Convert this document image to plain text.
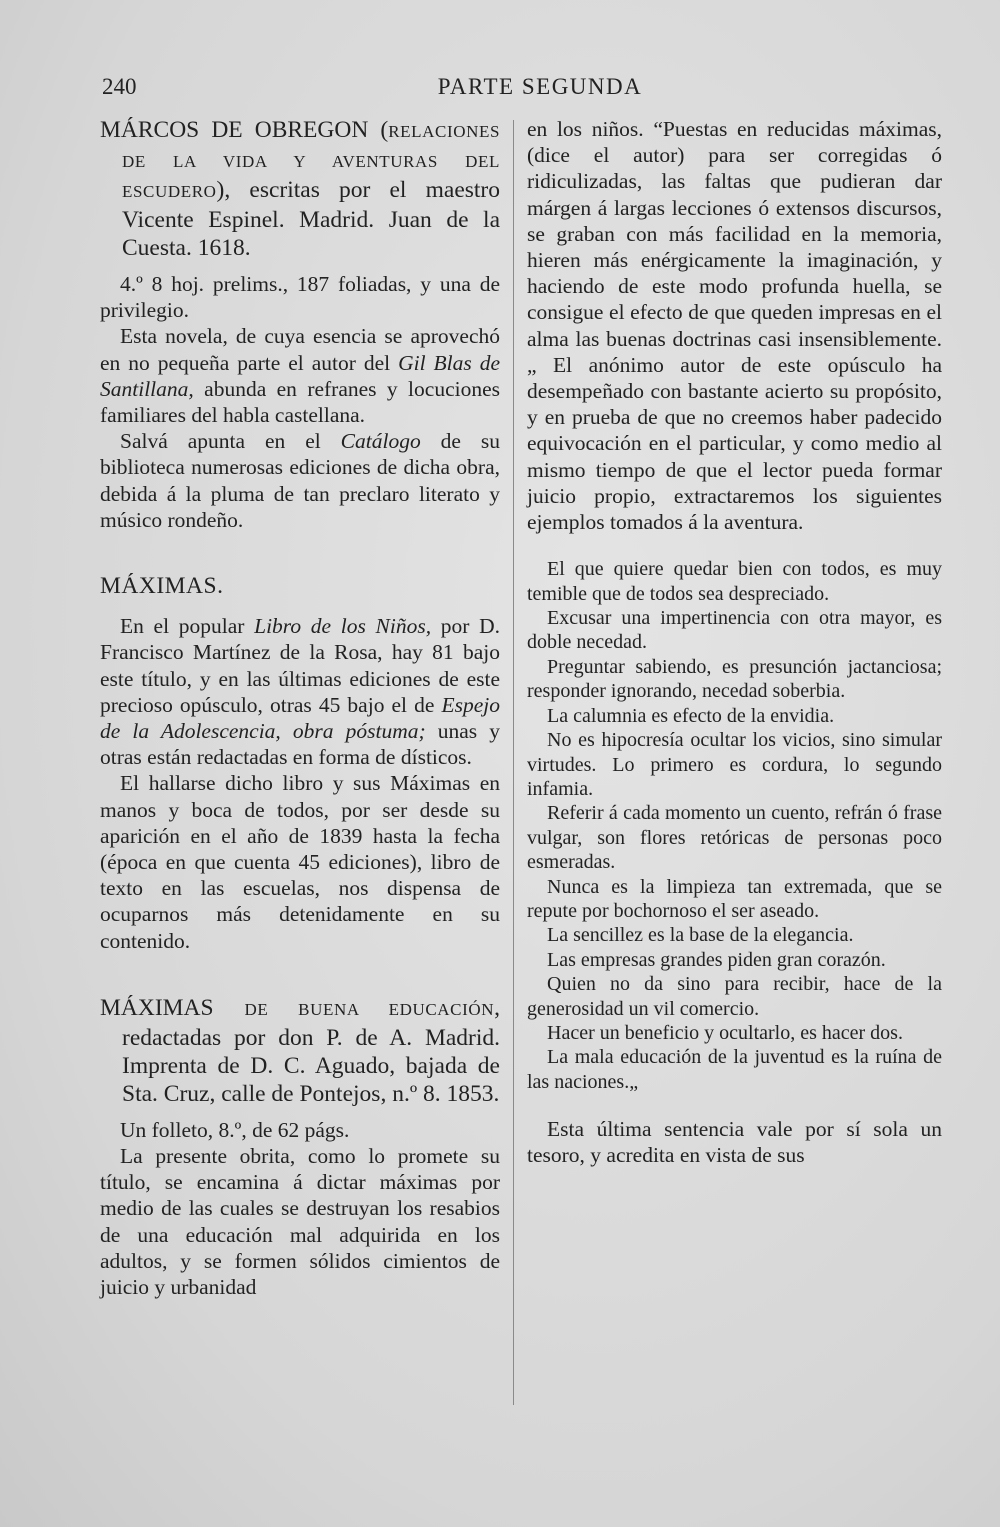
240	PARTE SEGUNDA

MÁRCOS DE OBREGON (RELACIONES DE LA VIDA Y AVENTURAS DEL ESCUDERO), escritas por el maestro Vicente Espinel. Madrid. Juan de la Cuesta. 1618.

4.º 8 hoj. prelims., 187 foliadas, y una de privilegio.

Esta novela, de cuya esencia se aprovechó en no pequeña parte el autor del Gil Blas de Santillana, abunda en refranes y locuciones familiares del habla castellana.

Salvá apunta en el Catálogo de su biblioteca numerosas ediciones de dicha obra, debida á la pluma de tan preclaro literato y músico rondeño.

MÁXIMAS.

En el popular Libro de los Niños, por D. Francisco Martínez de la Rosa, hay 81 bajo este título, y en las últimas ediciones de este precioso opúsculo, otras 45 bajo el de Espejo de la Adolescencia, obra póstuma; unas y otras están redactadas en forma de dísticos.

El hallarse dicho libro y sus Máximas en manos y boca de todos, por ser desde su aparición en el año de 1839 hasta la fecha (época en que cuenta 45 ediciones), libro de texto en las escuelas, nos dispensa de ocuparnos más detenidamente en su contenido.

MÁXIMAS DE BUENA EDUCACIÓN, redactadas por don P. de A. Madrid. Imprenta de D. C. Aguado, bajada de Sta. Cruz, calle de Pontejos, n.º 8. 1853.

Un folleto, 8.º, de 62 págs.

La presente obrita, como lo promete su título, se encamina á dictar máximas por medio de las cuales se destruyan los resabios de una educación mal adquirida en los adultos, y se formen sólidos cimientos de juicio y urbanidad

en los niños. “Puestas en reducidas máximas, (dice el autor) para ser corregidas ó ridiculizadas, las faltas que pudieran dar márgen á largas lecciones ó extensos discursos, se graban con más facilidad en la memoria, hieren más enérgicamente la imaginación, y haciendo de este modo profunda huella, se consigue el efecto de que queden impresas en el alma las buenas doctrinas casi insensiblemente.„ El anónimo autor de este opúsculo ha desempeñado con bastante acierto su propósito, y en prueba de que no creemos haber padecido equivocación en el particular, y como medio al mismo tiempo de que el lector pueda formar juicio propio, extractaremos los siguientes ejemplos tomados á la aventura.

El que quiere quedar bien con todos, es muy temible que de todos sea despreciado.

Excusar una impertinencia con otra mayor, es doble necedad.

Preguntar sabiendo, es presunción jactanciosa; responder ignorando, necedad soberbia.

La calumnia es efecto de la envidia.

No es hipocresía ocultar los vicios, sino simular virtudes. Lo primero es cordura, lo segundo infamia.

Referir á cada momento un cuento, refrán ó frase vulgar, son flores retóricas de personas poco esmeradas.

Nunca es la limpieza tan extremada, que se repute por bochornoso el ser aseado.

La sencillez es la base de la elegancia.

Las empresas grandes piden gran corazón.

Quien no da sino para recibir, hace de la generosidad un vil comercio.

Hacer un beneficio y ocultarlo, es hacer dos.

La mala educación de la juventud es la ruína de las naciones.„

Esta última sentencia vale por sí sola un tesoro, y acredita en vista de sus
